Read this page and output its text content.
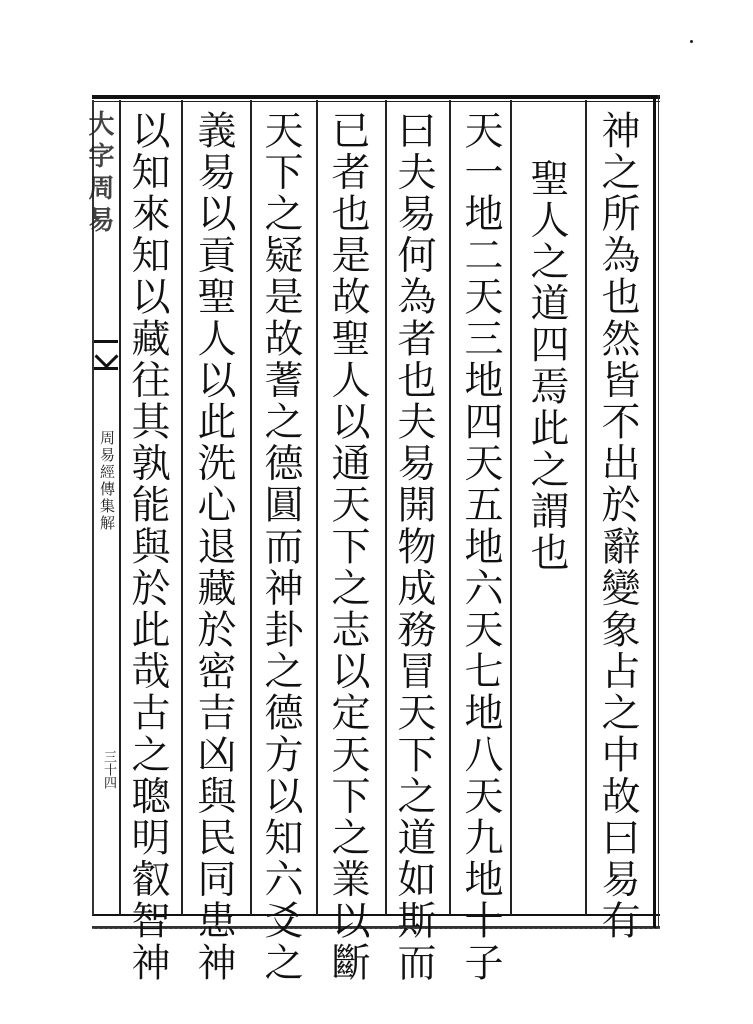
大字周易
周易經傳集解
三十四	神之所為也然皆不出於辭變象占之中故曰易有
聖人之道四焉此之謂也
天一地二天三地四天五地六天七地八天九地十子
曰夫易何為者也夫易開物成務冒天下之道如斯而
已者也是故聖人以通天下之志以定天下之業以斷
天下之疑是故蓍之德圓而神卦之德方以知六爻之
義易以貢聖人以此洗心退藏於密吉凶與民同患神
以知來知以藏往其孰能與於此哉古之聰明叡智神
